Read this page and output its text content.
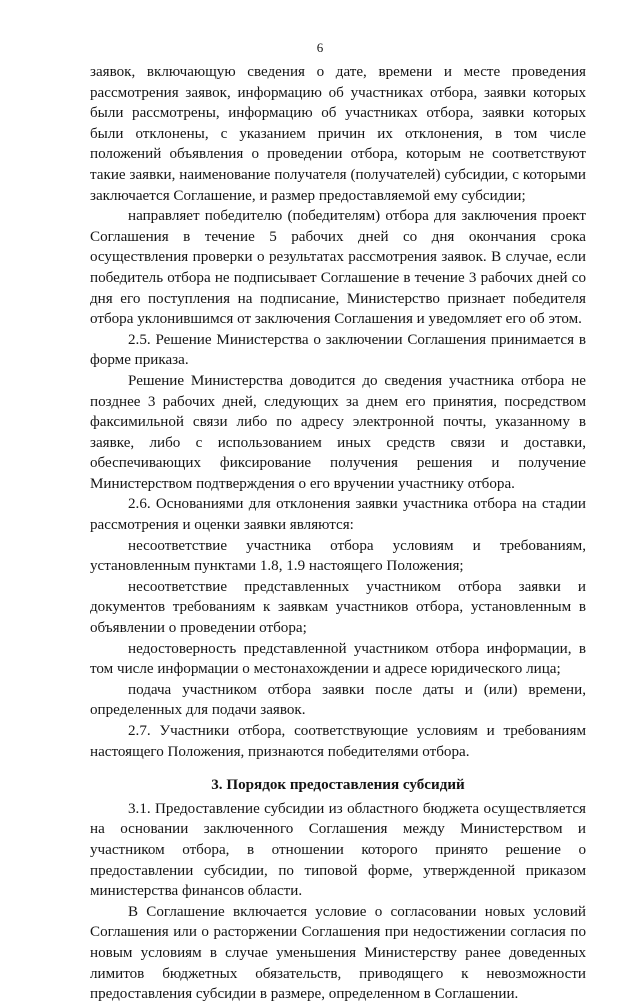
6

заявок, включающую сведения о дате, времени и месте проведения рассмотрения заявок, информацию об участниках отбора, заявки которых были рассмотрены, информацию об участниках отбора, заявки которых были отклонены, с указанием причин их отклонения, в том числе положений объявления о проведении отбора, которым не соответствуют такие заявки, наименование получателя (получателей) субсидии, с которыми заключается Соглашение, и размер предоставляемой ему субсидии;

направляет победителю (победителям) отбора для заключения проект Соглашения в течение 5 рабочих дней со дня окончания срока осуществления проверки о результатах рассмотрения заявок. В случае, если победитель отбора не подписывает Соглашение в течение 3 рабочих дней со дня его поступления на подписание, Министерство признает победителя отбора уклонившимся от заключения Соглашения и уведомляет его об этом.

2.5. Решение Министерства о заключении Соглашения принимается в форме приказа.

Решение Министерства доводится до сведения участника отбора не позднее 3 рабочих дней, следующих за днем его принятия, посредством факсимильной связи либо по адресу электронной почты, указанному в заявке, либо с использованием иных средств связи и доставки, обеспечивающих фиксирование получения решения и получение Министерством подтверждения о его вручении участнику отбора.

2.6. Основаниями для отклонения заявки участника отбора на стадии рассмотрения и оценки заявки являются:

несоответствие участника отбора условиям и требованиям, установленным пунктами 1.8, 1.9 настоящего Положения;

несоответствие представленных участником отбора заявки и документов требованиям к заявкам участников отбора, установленным в объявлении о проведении отбора;

недостоверность представленной участником отбора информации, в том числе информации о местонахождении и адресе юридического лица;

подача участником отбора заявки после даты и (или) времени, определенных для подачи заявок.

2.7. Участники отбора, соответствующие условиям и требованиям настоящего Положения, признаются победителями отбора.

3. Порядок предоставления субсидий

3.1. Предоставление субсидии из областного бюджета осуществляется на основании заключенного Соглашения между Министерством и участником отбора, в отношении которого принято решение о предоставлении субсидии, по типовой форме, утвержденной приказом министерства финансов области.

В Соглашение включается условие о согласовании новых условий Соглашения или о расторжении Соглашения при недостижении согласия по новым условиям в случае уменьшения Министерству ранее доведенных лимитов бюджетных обязательств, приводящего к невозможности предоставления субсидии в размере, определенном в Соглашении.
